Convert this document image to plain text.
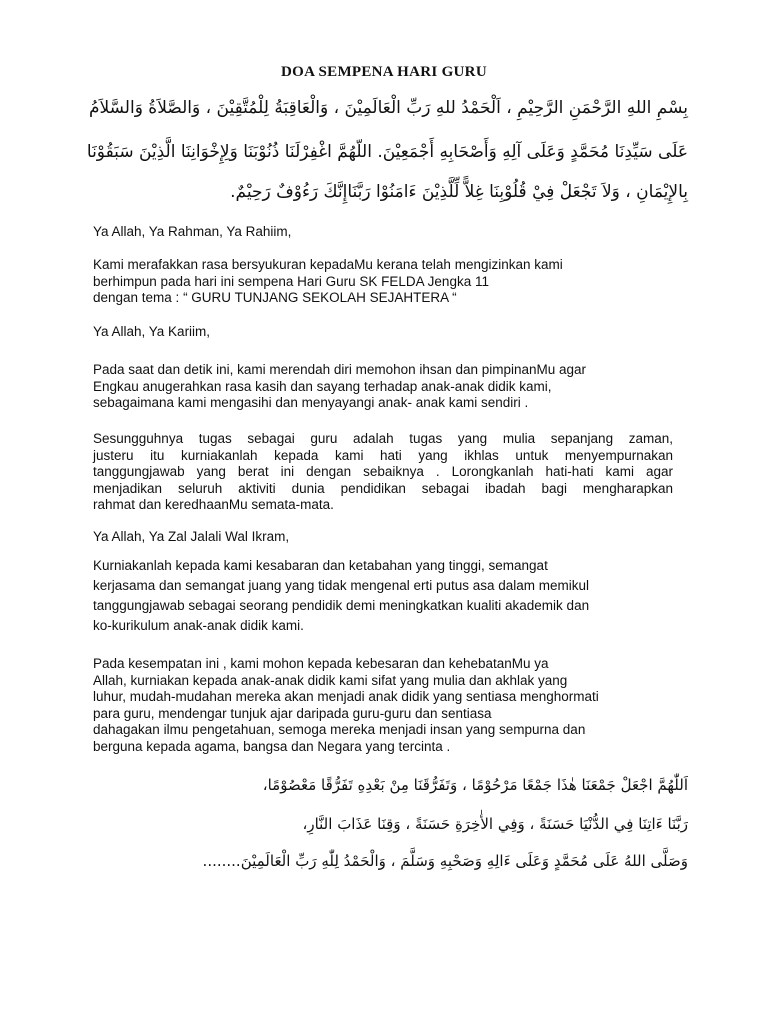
DOA SEMPENA HARI GURU
بِسْمِ اللهِ الرَّحْمَنِ الرَّحِيْمِ ، اَلْحَمْدُ للهِ رَبِّ الْعَالَمِيْنَ ، وَالْعَاقِبَةُ لِلْمُتَّقِيْنَ ، وَالصَّلاَةُ وَالسَّلاَمُ
عَلَى سَيِّدِنَا مُحَمَّدٍ وَعَلَى آلِهِ وَأَصْحَابِهِ أَجْمَعِيْنَ. اللّهُمَّ اغْفِرْلَنَا ذُنُوْبَنَا وَلِإِخْوَانِنَا الَّذِيْنَ سَبَقُوْنَا
بِالإِيْمَانِ ، وَلاَ تَجْعَلْ فِيْ قُلُوْبِنَا غِلاًّ لِّلَّذِيْنَ ءَامَنُوْا رَبَّنَاإِنَّكَ رَءُوْفٌ رَحِيْمٌ.
Ya Allah, Ya Rahman, Ya Rahiim,
Kami merafakkan rasa bersyukuran kepadaMu kerana telah mengizinkan kami
berhimpun pada hari ini sempena Hari Guru SK FELDA Jengka 11
dengan tema : “ GURU TUNJANG SEKOLAH SEJAHTERA “
Ya Allah, Ya Kariim,
Pada saat dan detik ini, kami merendah diri memohon ihsan dan pimpinanMu agar
Engkau anugerahkan rasa kasih dan sayang terhadap anak-anak didik kami,
sebagaimana kami mengasihi dan menyayangi anak- anak kami sendiri .
Sesungguhnya tugas sebagai guru adalah tugas yang mulia sepanjang zaman,
justeru itu kurniakanlah kepada kami hati yang ikhlas untuk menyempurnakan
tanggungjawab yang berat ini dengan sebaiknya . Lorongkanlah hati-hati kami agar
menjadikan seluruh aktiviti dunia pendidikan sebagai ibadah bagi mengharapkan
rahmat dan keredhaanMu semata-mata.
Ya Allah, Ya Zal Jalali Wal Ikram,
Kurniakanlah kepada kami kesabaran dan ketabahan yang tinggi, semangat
kerjasama dan semangat juang yang tidak mengenal erti putus asa dalam memikul
tanggungjawab sebagai seorang pendidik demi meningkatkan kualiti akademik dan
ko-kurikulum anak-anak didik kami.
Pada kesempatan ini , kami mohon kepada kebesaran dan kehebatanMu ya
Allah, kurniakan kepada anak-anak didik kami sifat yang mulia dan akhlak yang
luhur, mudah-mudahan mereka akan menjadi anak didik yang sentiasa menghormati
para guru, mendengar tunjuk ajar daripada guru-guru dan sentiasa
dahagakan ilmu pengetahuan, semoga mereka menjadi insan yang sempurna dan
berguna kepada agama, bangsa dan Negara yang tercinta .
اَللّٰهُمَّ اجْعَلْ جَمْعَنَا هٰذَا جَمْعًا مَرْحُوْمًا ، وَتَفَرُّقَنَا مِنْ بَعْدِهِ تَفَرُّقًا مَعْصُوْمًا،
رَبَّنَا ءَاتِنَا فِي الدُّنْيَا حَسَنَةً ، وَفِي الأٰخِرَةِ حَسَنَةً ، وَقِنَا عَذَابَ النَّارِ،
وَصَلَّى اللهُ عَلَى مُحَمَّدٍ وَعَلَى ءَالِهِ وَصَحْبِهِ وَسَلَّمَ ، وَالْحَمْدُ لِلّٰهِ رَبِّ الْعَالَمِيْنَ........
